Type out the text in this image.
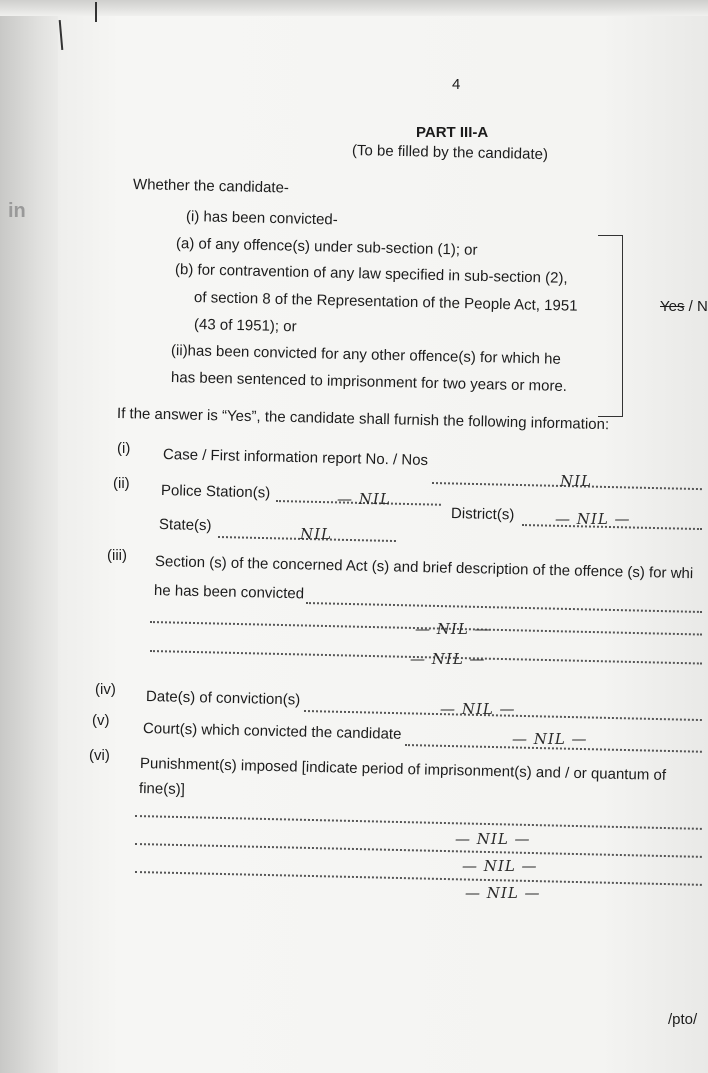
4
PART III-A
(To be filled by the candidate)
Whether the candidate-
(i) has been convicted-
(a) of any offence(s) under sub-section (1); or
(b) for contravention of any law specified in sub-section (2),
of section 8 of the Representation of the People Act, 1951
(43 of 1951); or
(ii)has been convicted for any other offence(s) for which he
has been sentenced to imprisonment for two years or more.
Yes / N
If the answer is “Yes”, the candidate shall furnish the following information:
(i) Case / First information report No. / Nos
NIL
(ii) Police Station(s)	— NIL
District(s)	— NIL —
State(s)	NIL
(iii) Section (s) of the concerned Act (s) and brief description of the offence (s) for whi
he has been convicted
— NIL —
— NIL —
(iv) Date(s) of conviction(s)
— NIL —
(v) Court(s) which convicted the candidate	— NIL —
(vi) Punishment(s) imposed [indicate period of imprisonment(s) and / or quantum of
fine(s)]
— NIL —
— NIL —
— NIL —
/pto/
in
